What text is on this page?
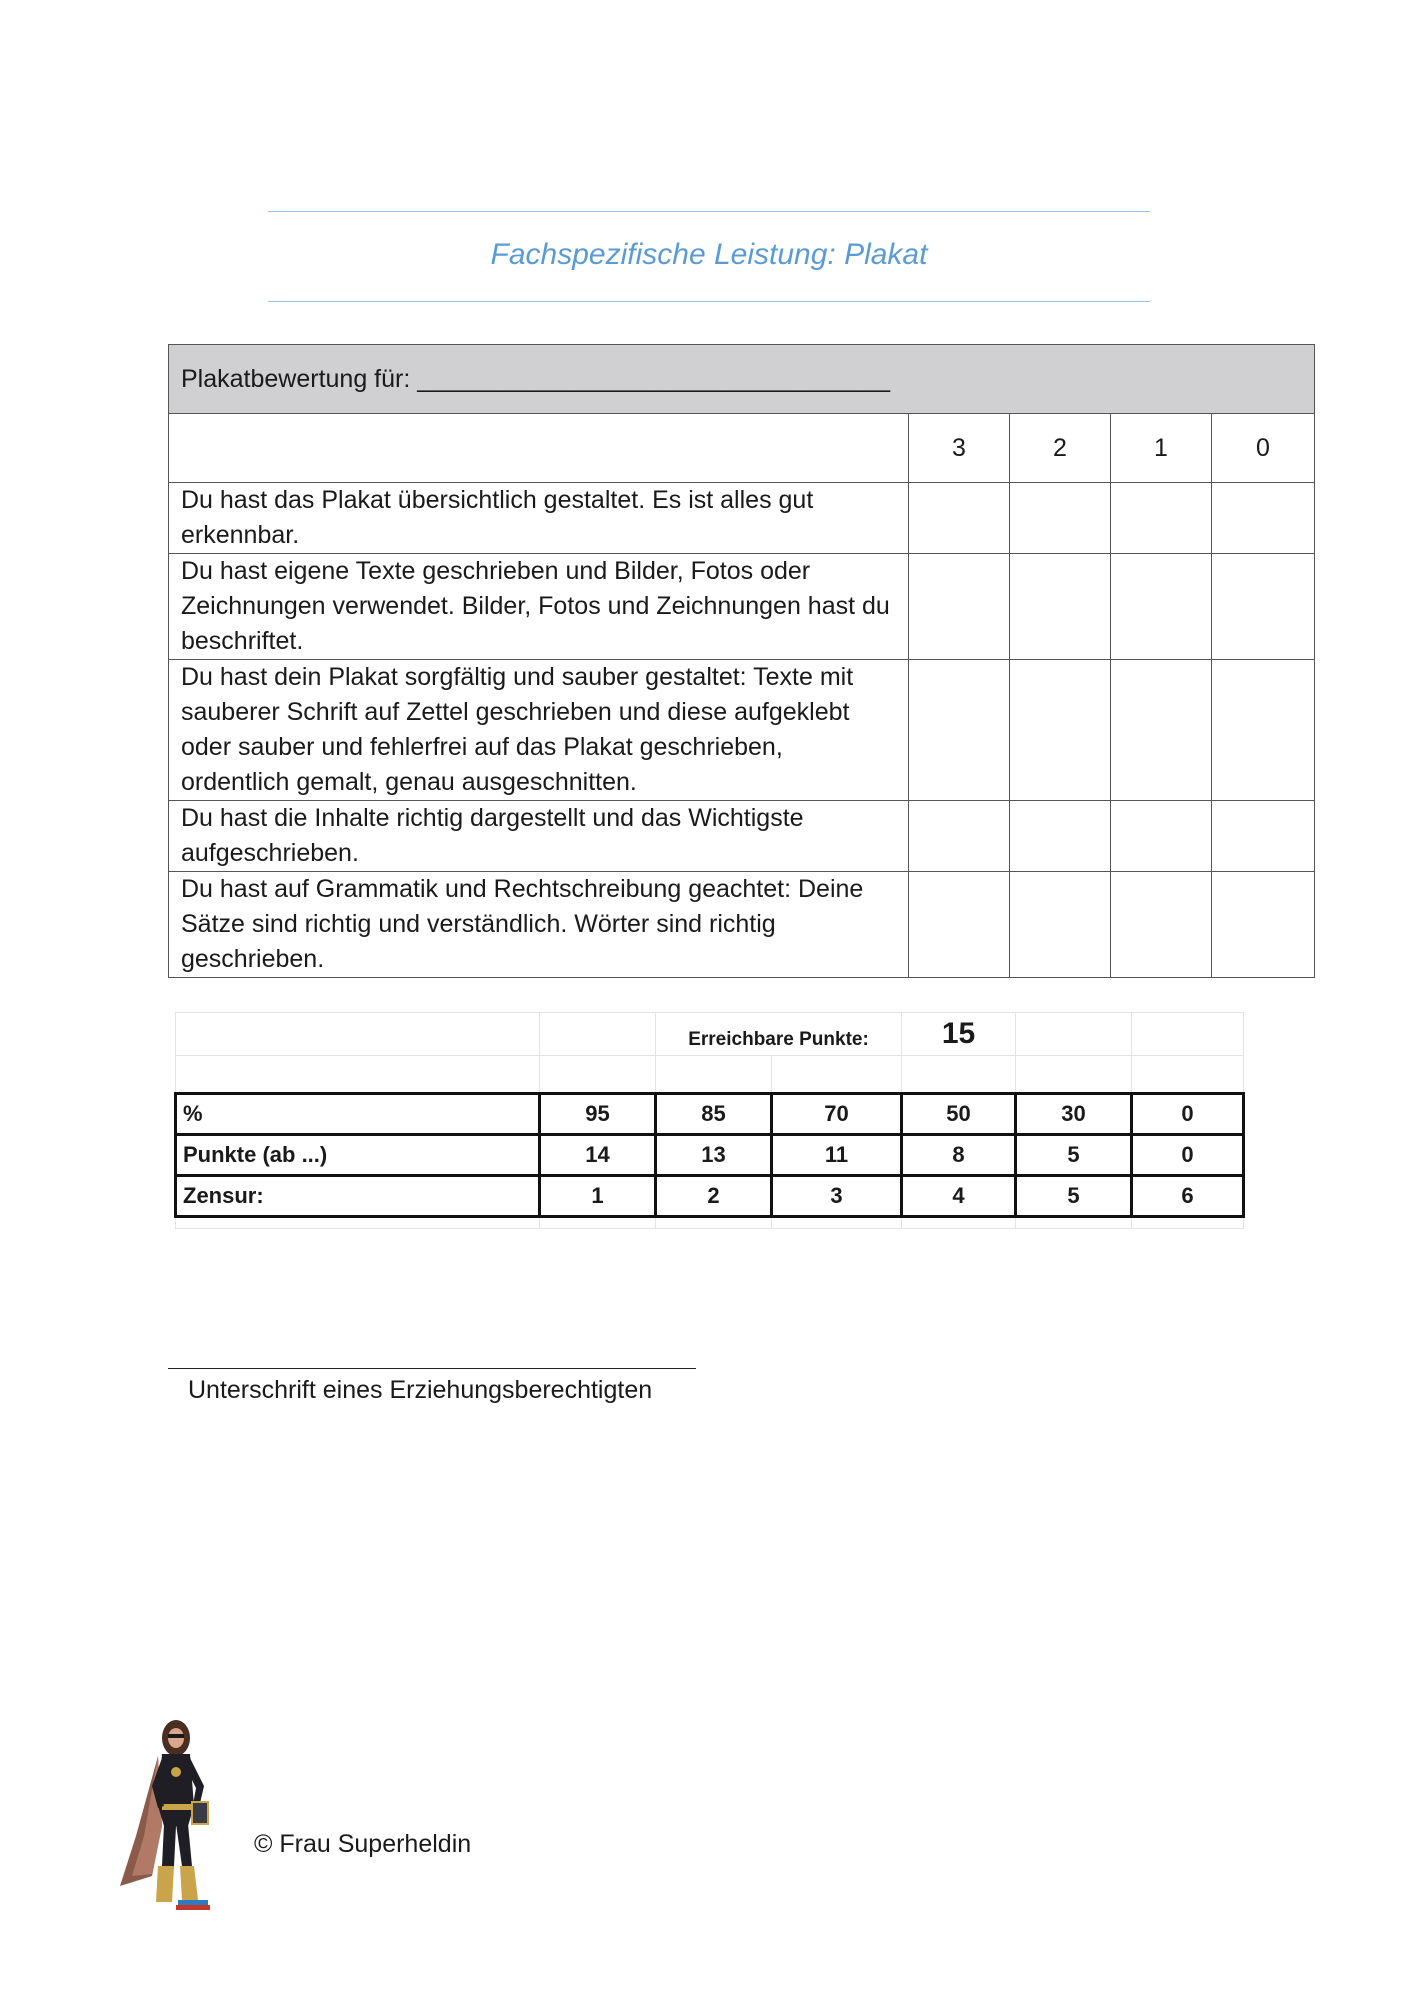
Fachspezifische Leistung: Plakat
Plakatbewertung für: __________________________________				
	3	2	1	0
Du hast das Plakat übersichtlich gestaltet. Es ist alles gut erkennbar.				
Du hast eigene Texte geschrieben und Bilder, Fotos oder Zeichnungen verwendet. Bilder, Fotos und Zeichnungen hast du beschriftet.				
Du hast dein Plakat sorgfältig und sauber gestaltet: Texte mit sauberer Schrift auf Zettel geschrieben und diese aufgeklebt oder sauber und fehlerfrei auf das Plakat geschrieben, ordentlich gemalt, genau ausgeschnitten.				
Du hast die Inhalte richtig dargestellt und das Wichtigste aufgeschrieben.				
Du hast auf Grammatik und Rechtschreibung geachtet: Deine Sätze sind richtig und verständlich. Wörter sind richtig geschrieben.				
		Erreichbare Punkte:		15		

%	95	85	70	50	30	0
Punkte (ab ...)	14	13	11	8	5	0
Zensur:	1	2	3	4	5	6

Unterschrift eines Erziehungsberechtigten
© Frau Superheldin
